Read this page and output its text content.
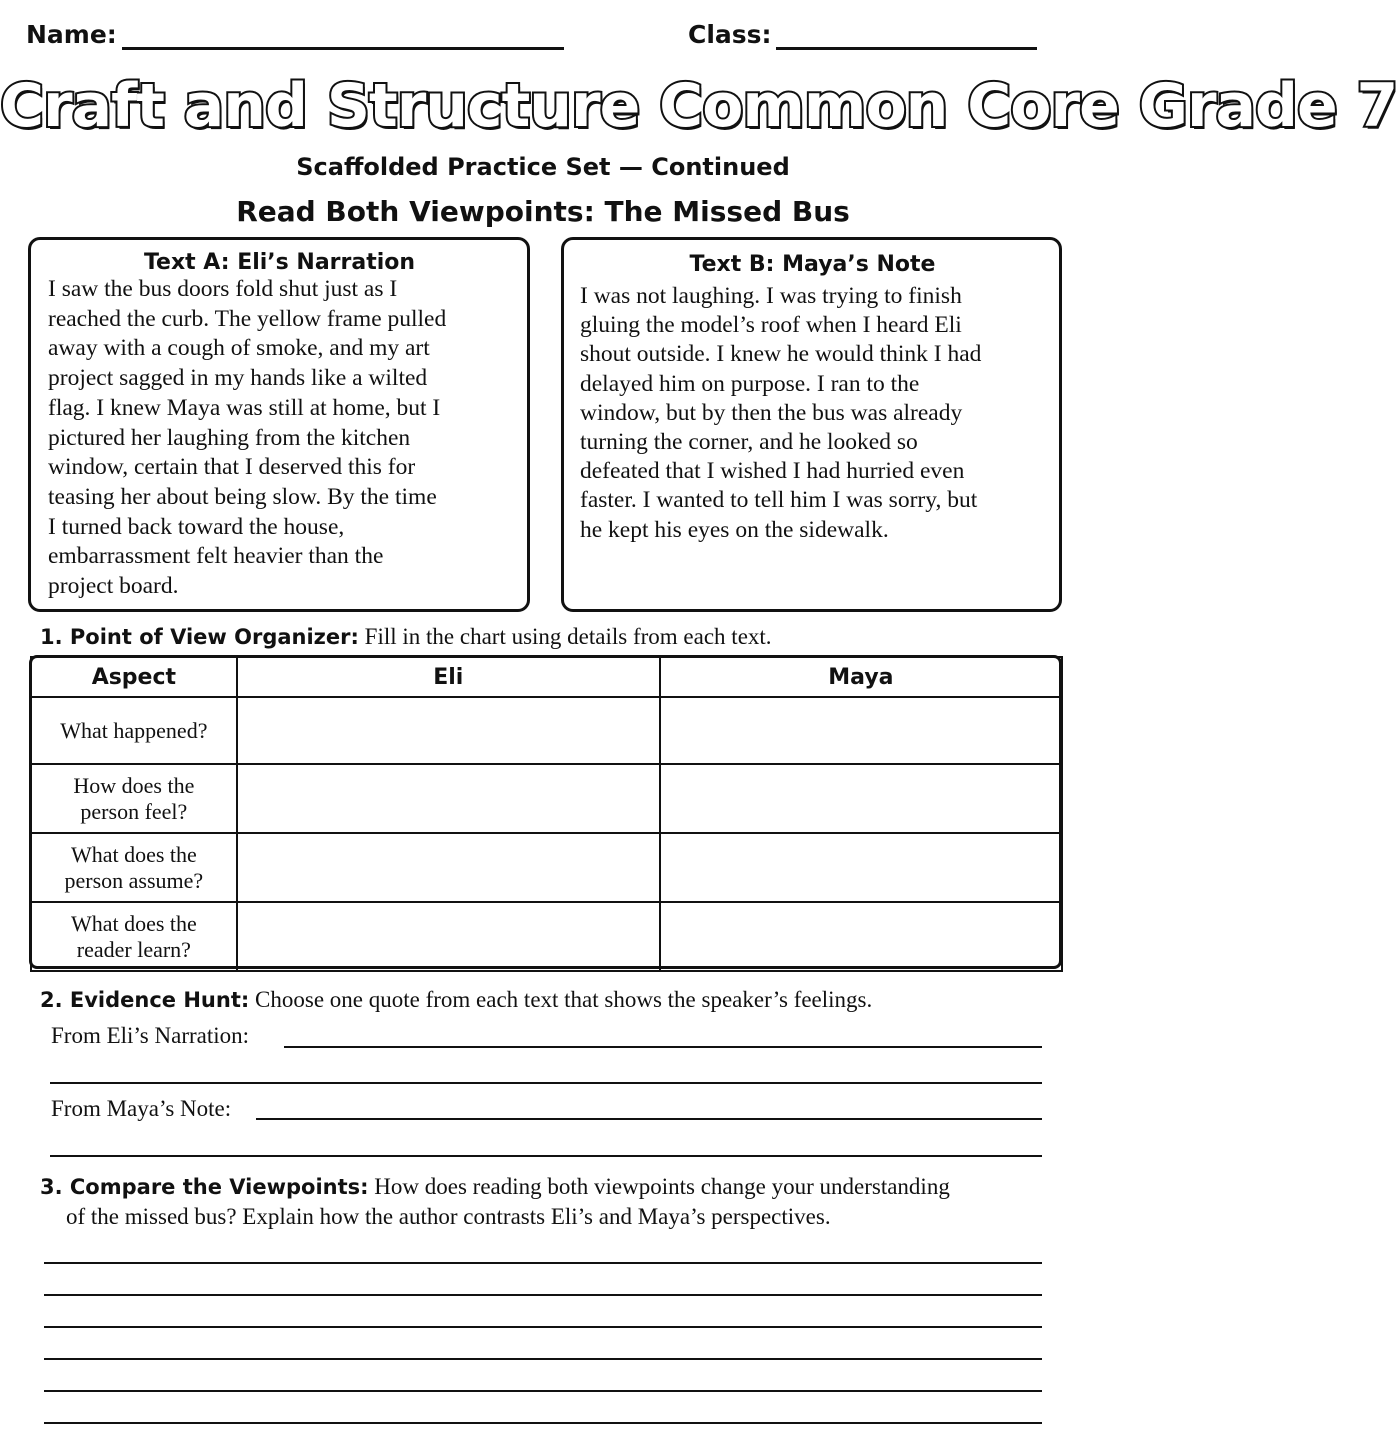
Name:	Class:
Craft and Structure Common Core Grade 7
Scaffolded Practice Set — Continued
Read Both Viewpoints: The Missed Bus
Text A: Eli’s Narration

I saw the bus doors fold shut just as I

reached the curb. The yellow frame pulled

away with a cough of smoke, and my art

project sagged in my hands like a wilted

flag. I knew Maya was still at home, but I

pictured her laughing from the kitchen

window, certain that I deserved this for

teasing her about being slow. By the time

I turned back toward the house,

embarrassment felt heavier than the

project board.

Text B: Maya’s Note

I was not laughing. I was trying to finish

gluing the model’s roof when I heard Eli

shout outside. I knew he would think I had

delayed him on purpose. I ran to the

window, but by then the bus was already

turning the corner, and he looked so

defeated that I wished I had hurried even

faster. I wanted to tell him I was sorry, but

he kept his eyes on the sidewalk.

1. Point of View Organizer: Fill in the chart using details from each text.
Aspect	Eli	Maya

What happened?		

How does the
person feel?		

What does the
person assume?		

What does the
reader learn?		

2. Evidence Hunt: Choose one quote from each text that shows the speaker’s feelings.
From Eli’s Narration:
From Maya’s Note:
3. Compare the Viewpoints: How does reading both viewpoints change your understanding
of the missed bus? Explain how the author contrasts Eli’s and Maya’s perspectives.
